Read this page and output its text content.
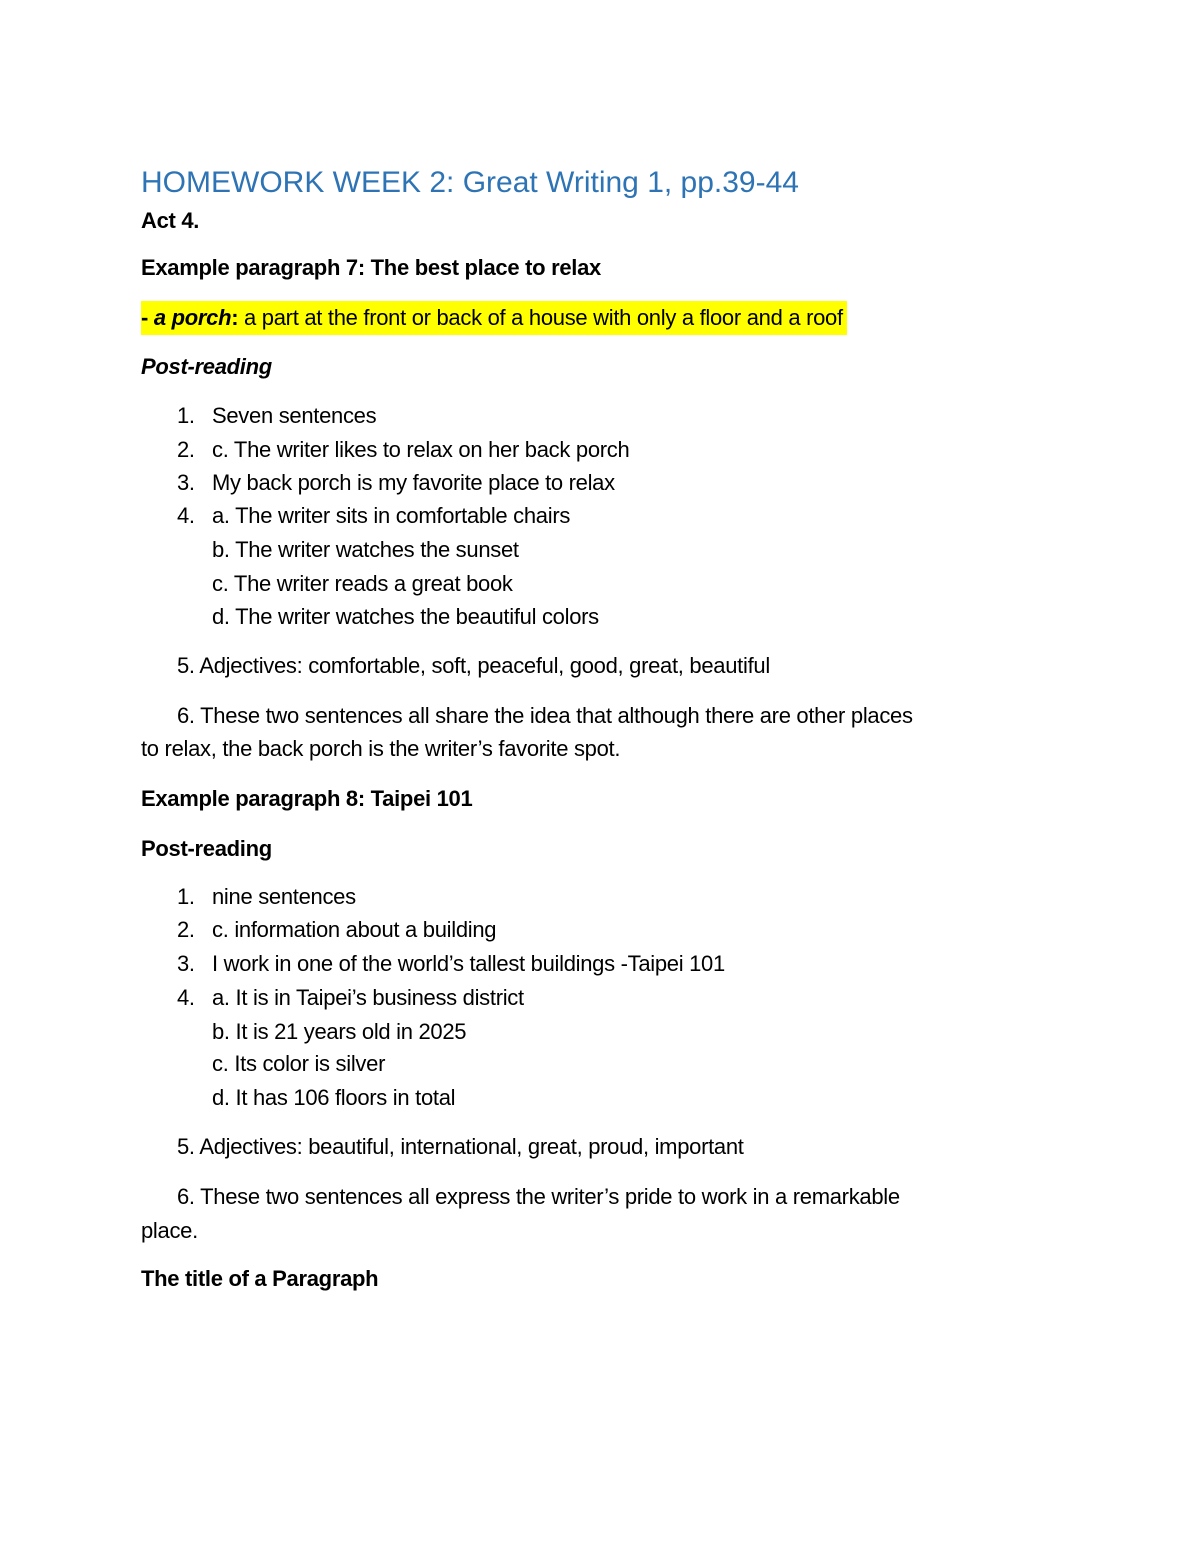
HOMEWORK WEEK 2: Great Writing 1, pp.39-44
Act 4.
Example paragraph 7: The best place to relax
- a porch: a part at the front or back of a house with only a floor and a roof
Post-reading
1. Seven sentences
2. c. The writer likes to relax on her back porch
3. My back porch is my favorite place to relax
4. a. The writer sits in comfortable chairs
b. The writer watches the sunset
c. The writer reads a great book
d. The writer watches the beautiful colors
5. Adjectives: comfortable, soft, peaceful, good, great, beautiful
6. These two sentences all share the idea that although there are other places
to relax, the back porch is the writer’s favorite spot.
Example paragraph 8: Taipei 101
Post-reading
1. nine sentences
2. c. information about a building
3. I work in one of the world’s tallest buildings -Taipei 101
4. a. It is in Taipei’s business district
b. It is 21 years old in 2025
c. Its color is silver
d. It has 106 floors in total
5. Adjectives: beautiful, international, great, proud, important
6. These two sentences all express the writer’s pride to work in a remarkable
place.
The title of a Paragraph
